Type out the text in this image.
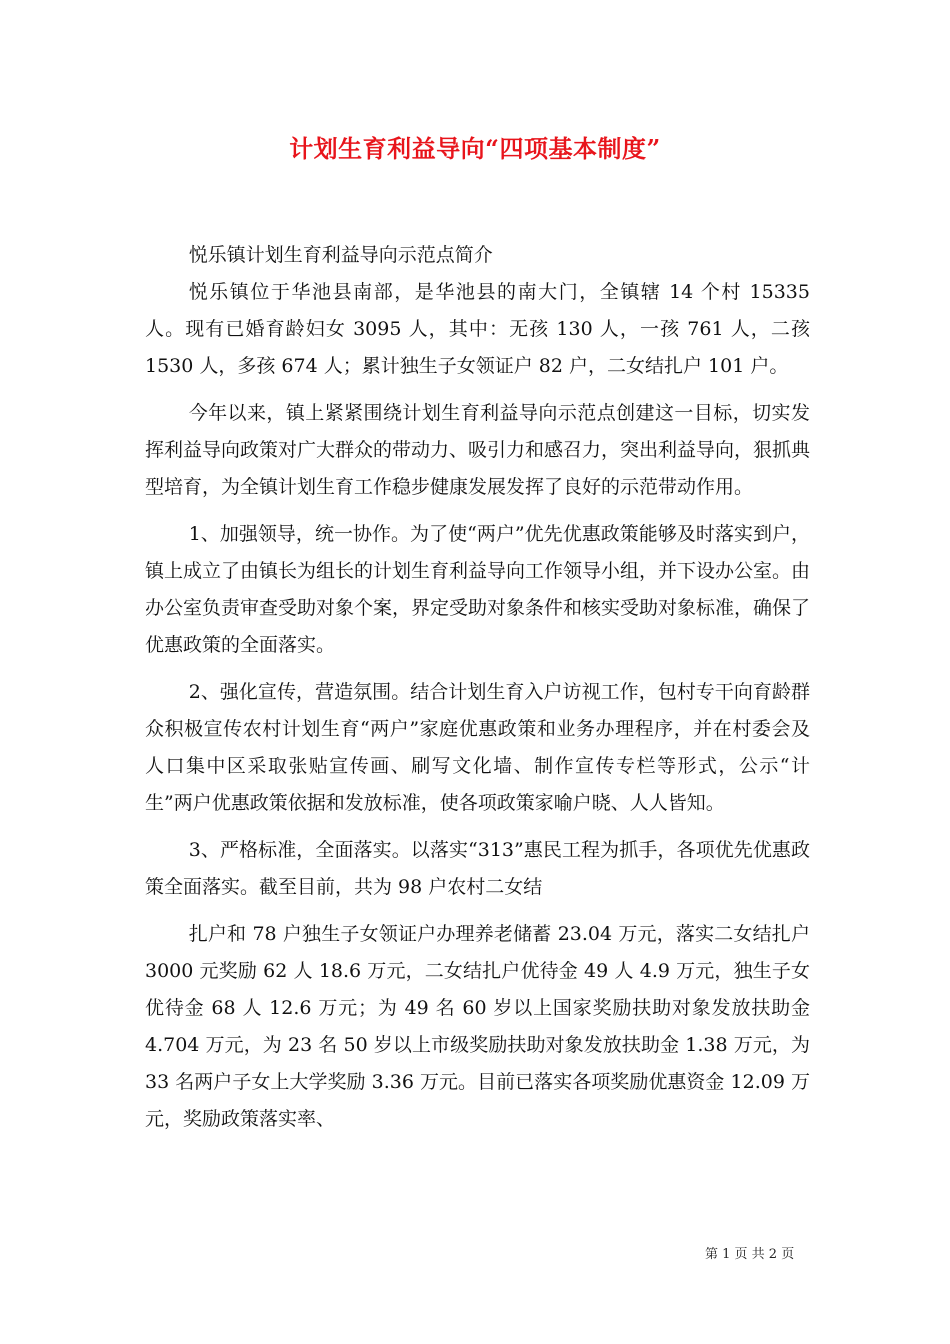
计划生育利益导向“四项基本制度”

悦乐镇计划生育利益导向示范点简介

悦乐镇位于华池县南部，是华池县的南大门，全镇辖 14 个村 15335 人。现有已婚育龄妇女 3095 人，其中：无孩 130 人，一孩 761 人，二孩 1530 人，多孩 674 人；累计独生子女领证户 82 户，二女结扎户 101 户。

今年以来，镇上紧紧围绕计划生育利益导向示范点创建这一目标，切实发挥利益导向政策对广大群众的带动力、吸引力和感召力，突出利益导向，狠抓典型培育，为全镇计划生育工作稳步健康发展发挥了良好的示范带动作用。

1、加强领导，统一协作。为了使“两户”优先优惠政策能够及时落实到户，镇上成立了由镇长为组长的计划生育利益导向工作领导小组，并下设办公室。由办公室负责审查受助对象个案，界定受助对象条件和核实受助对象标准，确保了优惠政策的全面落实。

2、强化宣传，营造氛围。结合计划生育入户访视工作，包村专干向育龄群众积极宣传农村计划生育“两户”家庭优惠政策和业务办理程序，并在村委会及人口集中区采取张贴宣传画、刷写文化墙、制作宣传专栏等形式，公示“计生”两户优惠政策依据和发放标准，使各项政策家喻户晓、人人皆知。

3、严格标准，全面落实。以落实“313”惠民工程为抓手，各项优先优惠政策全面落实。截至目前，共为 98 户农村二女结

扎户和 78 户独生子女领证户办理养老储蓄 23.04 万元，落实二女结扎户 3000 元奖励 62 人 18.6 万元，二女结扎户优待金 49 人 4.9 万元，独生子女优待金 68 人 12.6 万元；为 49 名 60 岁以上国家奖励扶助对象发放扶助金 4.704 万元，为 23 名 50 岁以上市级奖励扶助对象发放扶助金 1.38 万元，为 33 名两户子女上大学奖励 3.36 万元。目前已落实各项奖励优惠资金 12.09 万元，奖励政策落实率、

第 1 页 共 2 页
